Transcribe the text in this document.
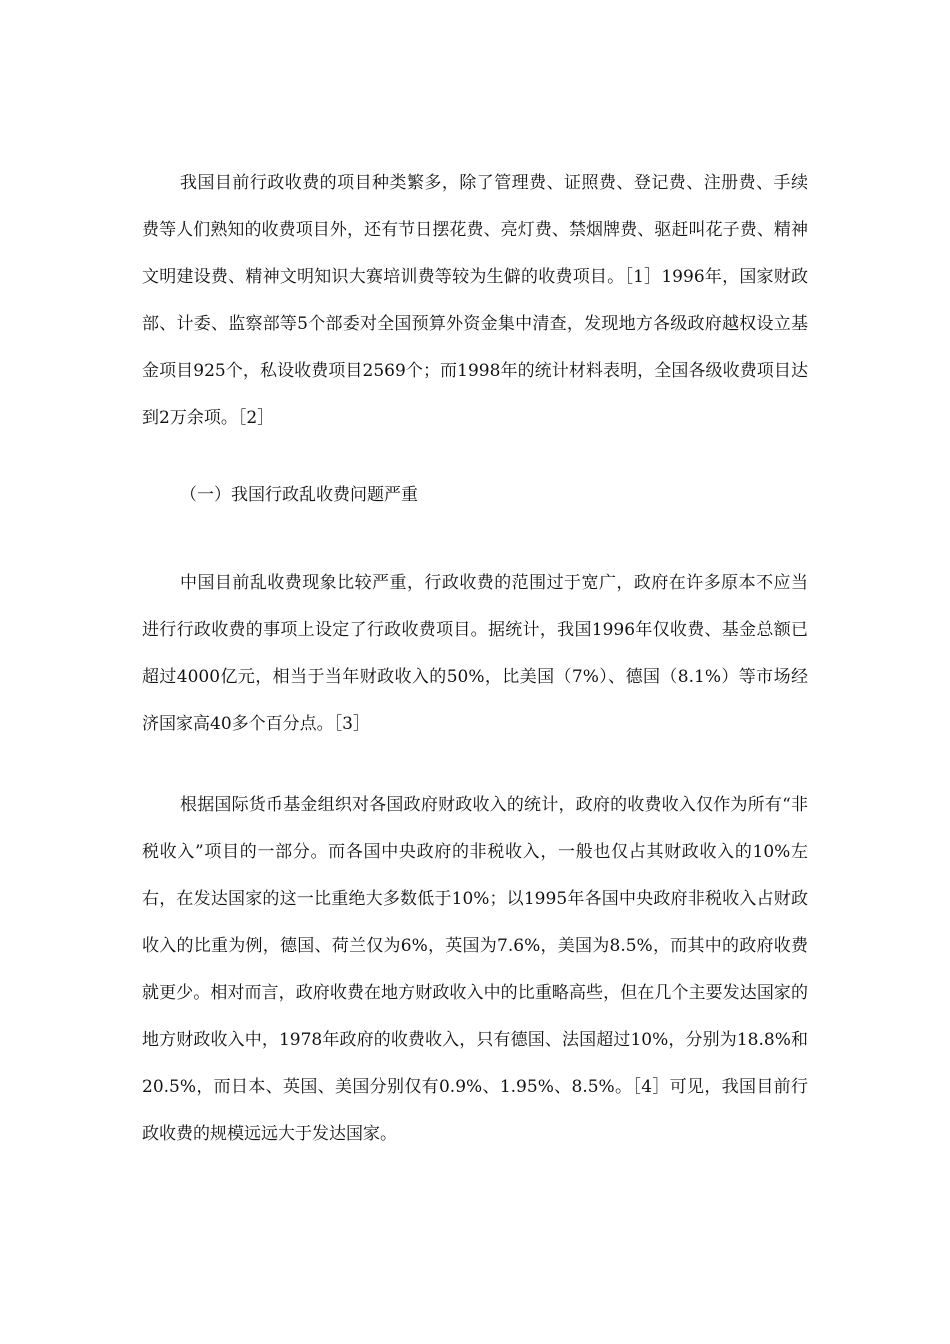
我国目前行政收费的项目种类繁多，除了管理费、证照费、登记费、注册费、手续费等人们熟知的收费项目外，还有节日摆花费、亮灯费、禁烟牌费、驱赶叫花子费、精神文明建设费、精神文明知识大赛培训费等较为生僻的收费项目。［1］1996年，国家财政部、计委、监察部等5个部委对全国预算外资金集中清查，发现地方各级政府越权设立基金项目925个，私设收费项目2569个；而1998年的统计材料表明，全国各级收费项目达到2万余项。［2］

（一）我国行政乱收费问题严重

中国目前乱收费现象比较严重，行政收费的范围过于宽广，政府在许多原本不应当进行行政收费的事项上设定了行政收费项目。据统计，我国1996年仅收费、基金总额已超过4000亿元，相当于当年财政收入的50%，比美国（7%）、德国（8.1%）等市场经济国家高40多个百分点。［3］

根据国际货币基金组织对各国政府财政收入的统计，政府的收费收入仅作为所有“非税收入”项目的一部分。而各国中央政府的非税收入，一般也仅占其财政收入的10%左右，在发达国家的这一比重绝大多数低于10%；以1995年各国中央政府非税收入占财政收入的比重为例，德国、荷兰仅为6%，英国为7.6%，美国为8.5%，而其中的政府收费就更少。相对而言，政府收费在地方财政收入中的比重略高些，但在几个主要发达国家的地方财政收入中，1978年政府的收费收入，只有德国、法国超过10%，分别为18.8%和20.5%，而日本、英国、美国分别仅有0.9%、1.95%、8.5%。［4］可见，我国目前行政收费的规模远远大于发达国家。
